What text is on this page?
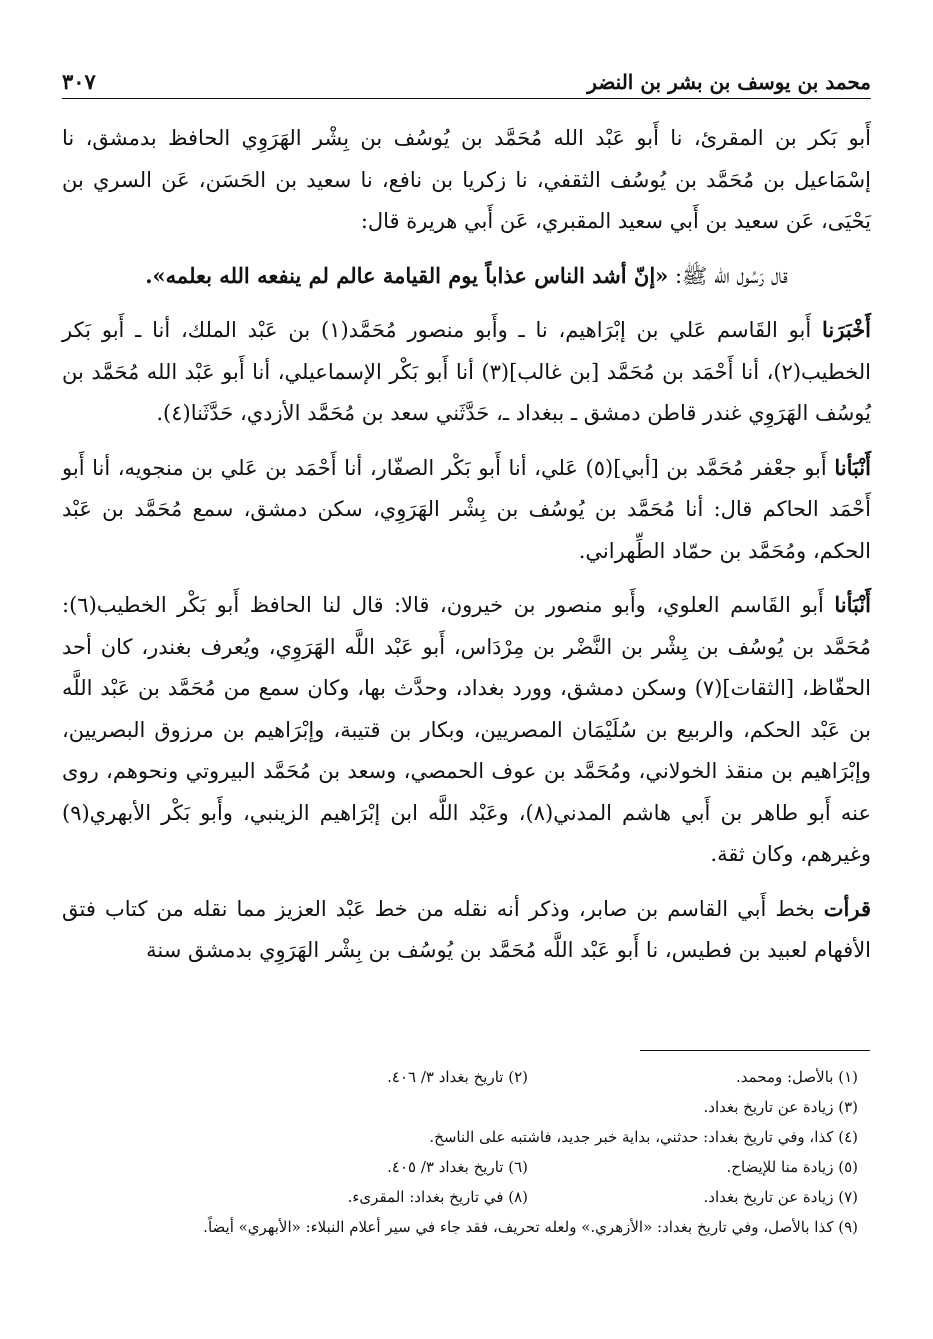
٣٠٧	محمد بن يوسف بن بشر بن النضر

أَبو بَكر بن المقرئ، نا أَبو عَبْد الله مُحَمَّد بن يُوسُف بن بِشْر الهَرَوِي الحافظ بدمشق، نا إسْمَاعيل بن مُحَمَّد بن يُوسُف الثقفي، نا زكريا بن نافع، نا سعيد بن الحَسَن، عَن السري بن يَحْيَى، عَن سعيد بن أَبي سعيد المقبري، عَن أَبي هريرة قال:

قال رَسُول الله ﷺ: «إنّ أشد الناس عذاباً يوم القيامة عالم لم ينفعه الله بعلمه».

أَخْبَرَنا أَبو القَاسم عَلي بن إبْرَاهيم، نا ـ وأَبو منصور مُحَمَّد(١) بن عَبْد الملك، أنا ـ أَبو بَكر الخطيب(٢)، أنا أَحْمَد بن مُحَمَّد [بن غالب](٣) أنا أَبو بَكْر الإسماعيلي، أنا أَبو عَبْد الله مُحَمَّد بن يُوسُف الهَرَوِي غندر قاطن دمشق ـ ببغداد ـ، حَدَّثَني سعد بن مُحَمَّد الأزدي، حَدَّثَنا(٤).

أَنْبَأنا أَبو جعْفر مُحَمَّد بن [أبي](٥) عَلي، أنا أَبو بَكْر الصفّار، أنا أَحْمَد بن عَلي بن منجويه، أنا أَبو أَحْمَد الحاكم قال: أنا مُحَمَّد بن يُوسُف بن بِشْر الهَرَوِي، سكن دمشق، سمع مُحَمَّد بن عَبْد الحكم، ومُحَمَّد بن حمّاد الطِّهراني.

أَنْبَأنا أَبو القَاسم العلوي، وأَبو منصور بن خيرون، قالا: قال لنا الحافظ أَبو بَكْر الخطيب(٦): مُحَمَّد بن يُوسُف بن بِشْر بن النَّضْر بن مِرْدَاس، أَبو عَبْد اللَّه الهَرَوِي، ويُعرف بغندر، كان أحد الحفّاظ، [الثقات](٧) وسكن دمشق، وورد بغداد، وحدَّث بها، وكان سمع من مُحَمَّد بن عَبْد اللَّه بن عَبْد الحكم، والربيع بن سُلَيْمَان المصريين، وبكار بن قتيبة، وإبْرَاهيم بن مرزوق البصريين، وإبْرَاهيم بن منقذ الخولاني، ومُحَمَّد بن عوف الحمصي، وسعد بن مُحَمَّد البيروتي ونحوهم، روى عنه أَبو طاهر بن أَبي هاشم المدني(٨)، وعَبْد اللَّه ابن إبْرَاهيم الزينبي، وأَبو بَكْر الأبهري(٩) وغيرهم، وكان ثقة.

قرأت بخط أَبي القاسم بن صابر، وذكر أنه نقله من خط عَبْد العزيز مما نقله من كتاب فتق الأفهام لعبيد بن فطيس، نا أَبو عَبْد اللَّه مُحَمَّد بن يُوسُف بن بِشْر الهَرَوِي بدمشق سنة

(١) بالأصل: ومحمد.
(٢) تاريخ بغداد ٣/ ٤٠٦.
(٣) زيادة عن تاريخ بغداد.
(٤) كذا، وفي تاريخ بغداد: حدثني، بداية خبر جديد، فاشتبه على الناسخ.
(٥) زيادة منا للإيضاح.
(٦) تاريخ بغداد ٣/ ٤٠٥.
(٧) زيادة عن تاريخ بغداد.
(٨) في تاريخ بغداد: المقرىء.
(٩) كذا بالأصل، وفي تاريخ بغداد: «الأزهري.» ولعله تحريف، فقد جاء في سير أعلام النبلاء: «الأبهري» أيضاً.
